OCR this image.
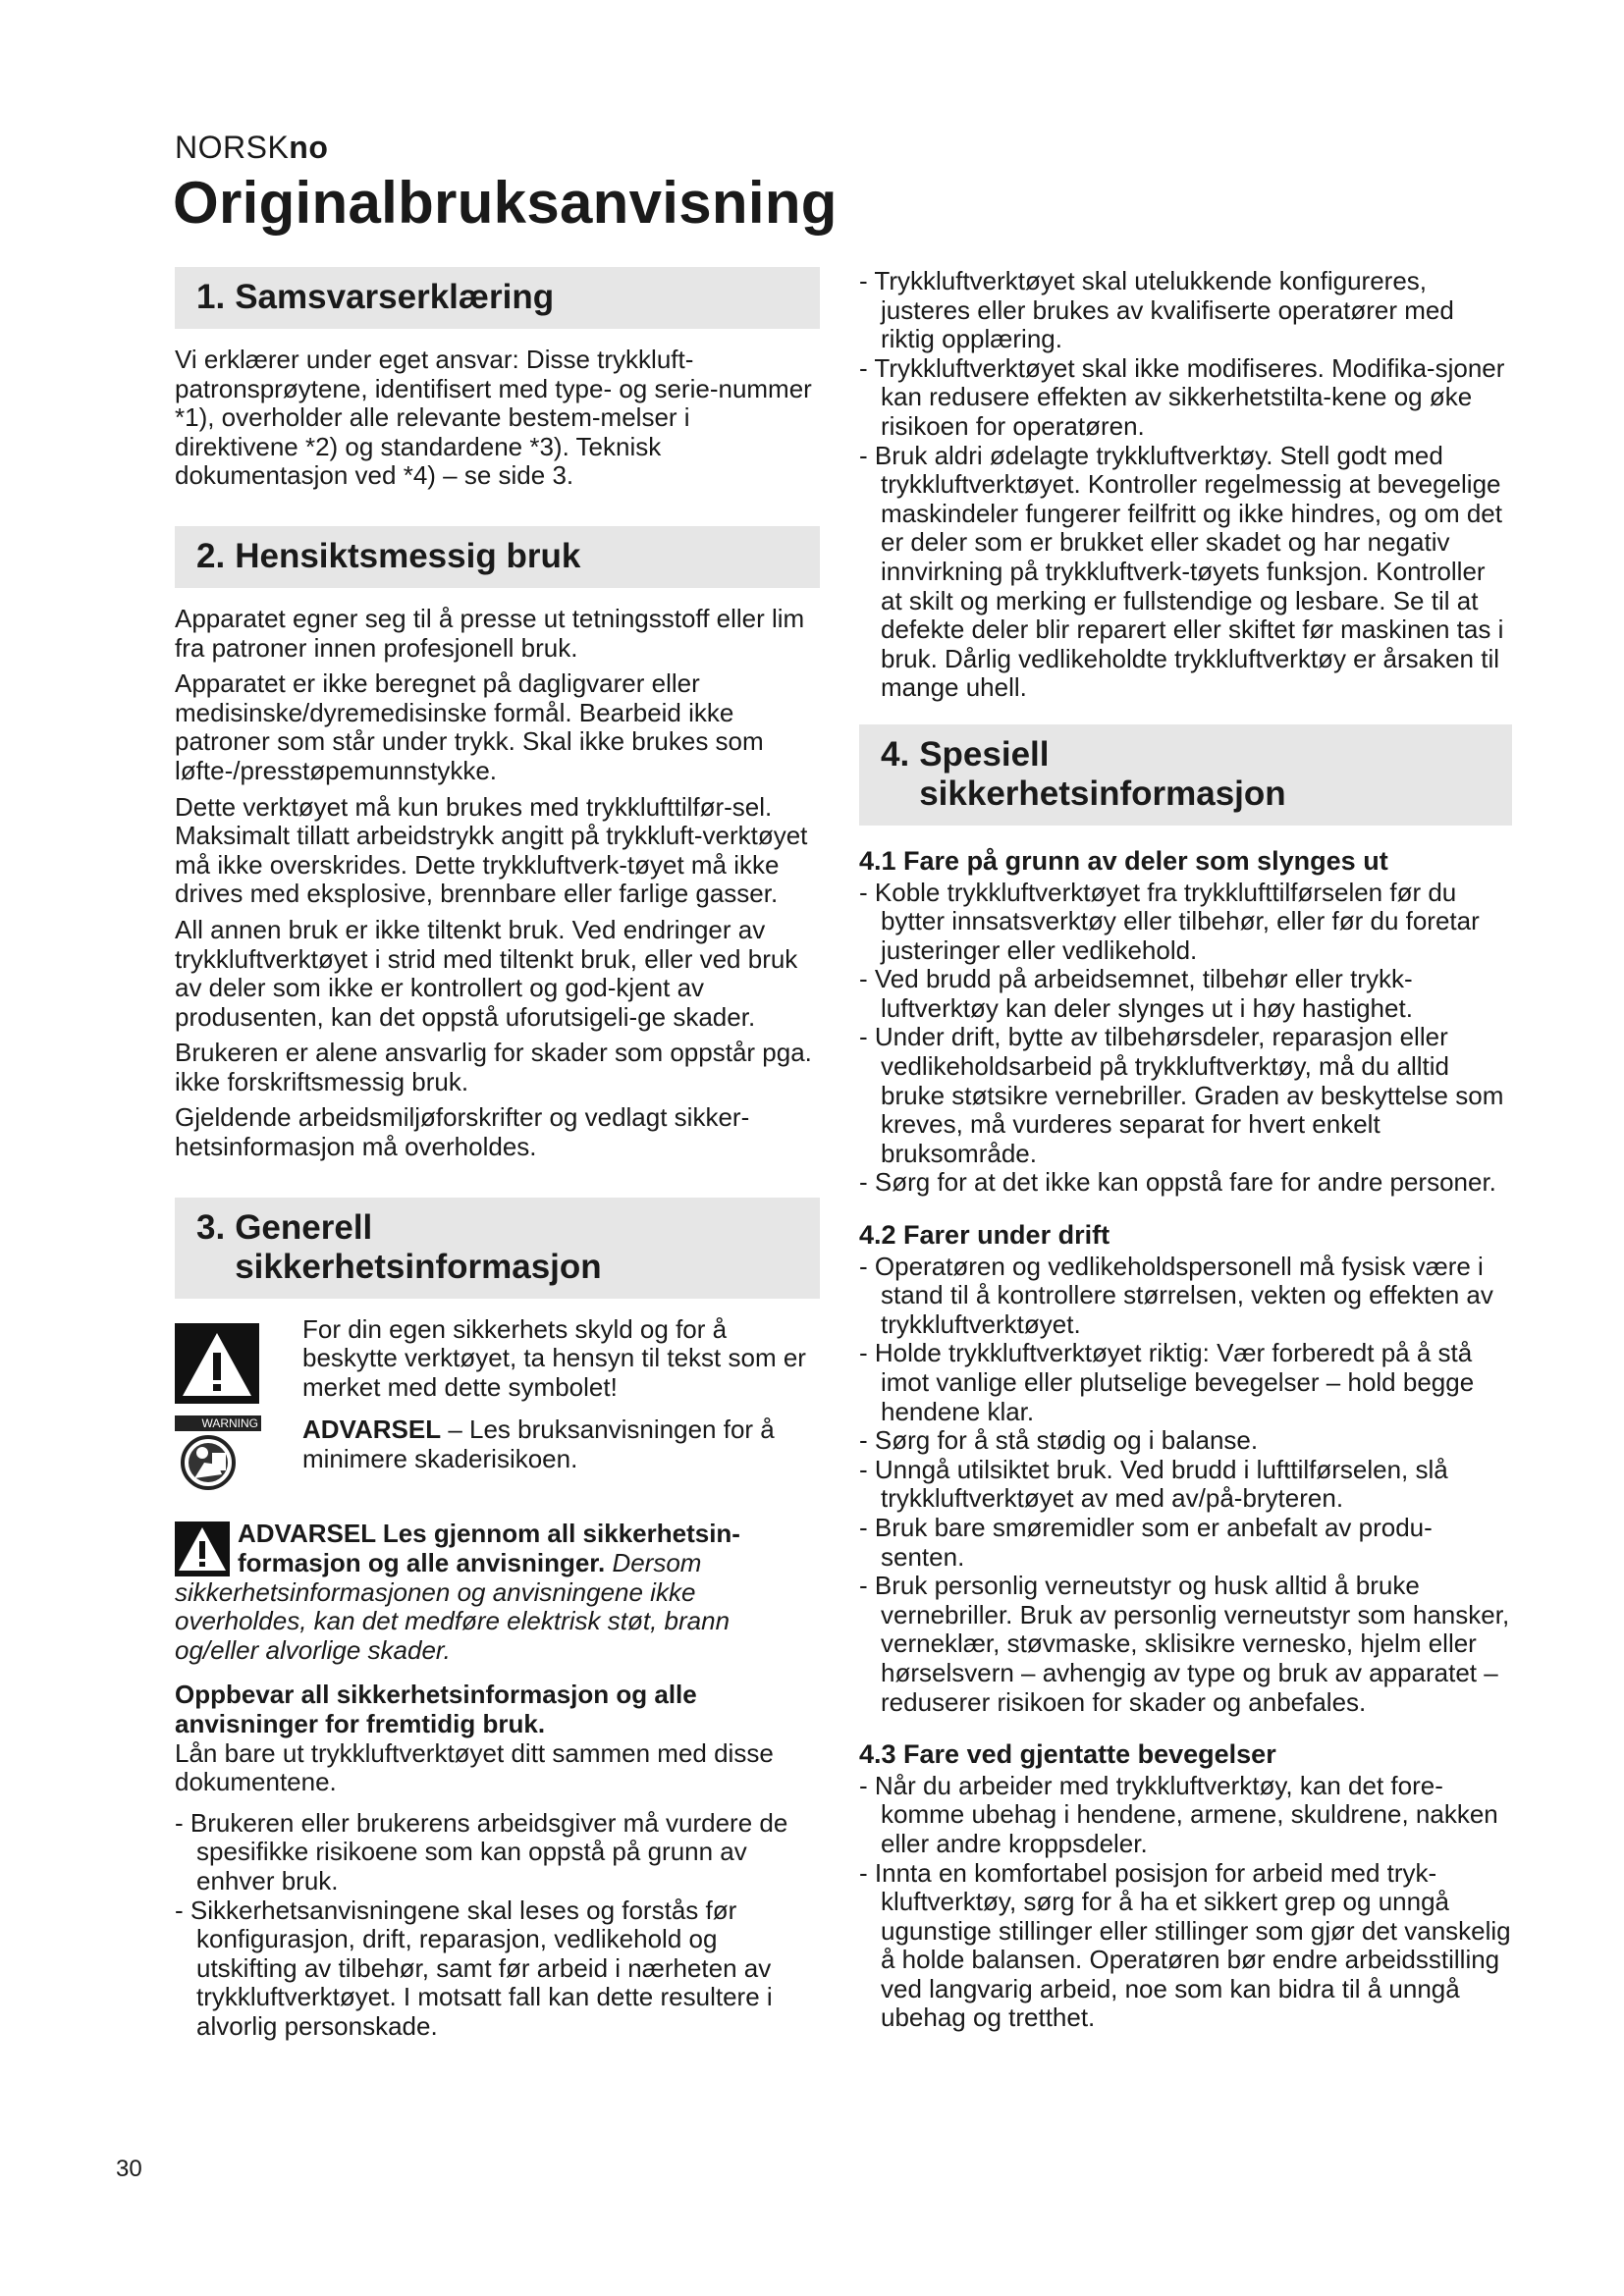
NORSKno
Originalbruksanvisning
1. Samsvarserklæring

Vi erklærer under eget ansvar: Disse trykkluft-patronsprøytene, identifisert med type- og serie-nummer *1), overholder alle relevante bestem-melser i direktivene *2) og standardene *3). Teknisk dokumentasjon ved *4) – se side 3.

2. Hensiktsmessig bruk

Apparatet egner seg til å presse ut tetningsstoff eller lim fra patroner innen profesjonell bruk.

Apparatet er ikke beregnet på dagligvarer eller medisinske/dyremedisinske formål. Bearbeid ikke patroner som står under trykk. Skal ikke brukes som løfte-/presstøpemunnstykke.

Dette verktøyet må kun brukes med trykklufttilfør-sel. Maksimalt tillatt arbeidstrykk angitt på trykkluft-verktøyet må ikke overskrides. Dette trykkluftverk-tøyet må ikke drives med eksplosive, brennbare eller farlige gasser.

All annen bruk er ikke tiltenkt bruk. Ved endringer av trykkluftverktøyet i strid med tiltenkt bruk, eller ved bruk av deler som ikke er kontrollert og god-kjent av produsenten, kan det oppstå uforutsigeli-ge skader.

Brukeren er alene ansvarlig for skader som oppstår pga. ikke forskriftsmessig bruk.

Gjeldende arbeidsmiljøforskrifter og vedlagt sikker-hetsinformasjon må overholdes.

3. Generell
sikkerhetsinformasjon

For din egen sikkerhets skyld og for å beskytte verktøyet, ta hensyn til tekst som er merket med dette symbolet!

WARNING ADVARSEL – Les bruksanvisningen for å minimere skaderisikoen.

ADVARSEL Les gjennom all sikkerhetsin-formasjon og alle anvisninger. Dersom sikkerhetsinformasjonen og anvisningene ikke overholdes, kan det medføre elektrisk støt, brann og/eller alvorlige skader.

Oppbevar all sikkerhetsinformasjon og alle anvisninger for fremtidig bruk.

Lån bare ut trykkluftverktøyet ditt sammen med disse dokumentene.

- Brukeren eller brukerens arbeidsgiver må vurdere de spesifikke risikoene som kan oppstå på grunn av enhver bruk.
- Sikkerhetsanvisningene skal leses og forstås før konfigurasjon, drift, reparasjon, vedlikehold og utskifting av tilbehør, samt før arbeid i nærheten av trykkluftverktøyet. I motsatt fall kan dette resultere i alvorlig personskade.
- Trykkluftverktøyet skal utelukkende konfigureres, justeres eller brukes av kvalifiserte operatører med riktig opplæring.
- Trykkluftverktøyet skal ikke modifiseres. Modifika-sjoner kan redusere effekten av sikkerhetstilta-kene og øke risikoen for operatøren.
- Bruk aldri ødelagte trykkluftverktøy. Stell godt med trykkluftverktøyet. Kontroller regelmessig at bevegelige maskindeler fungerer feilfritt og ikke hindres, og om det er deler som er brukket eller skadet og har negativ innvirkning på trykkluftverk-tøyets funksjon. Kontroller at skilt og merking er fullstendige og lesbare. Se til at defekte deler blir reparert eller skiftet før maskinen tas i bruk. Dårlig vedlikeholdte trykkluftverktøy er årsaken til mange uhell.
4. Spesiell
sikkerhetsinformasjon

4.1 Fare på grunn av deler som slynges ut

- Koble trykkluftverktøyet fra trykklufttilførselen før du bytter innsatsverktøy eller tilbehør, eller før du foretar justeringer eller vedlikehold.
- Ved brudd på arbeidsemnet, tilbehør eller trykk-luftverktøy kan deler slynges ut i høy hastighet.
- Under drift, bytte av tilbehørsdeler, reparasjon eller vedlikeholdsarbeid på trykkluftverktøy, må du alltid bruke støtsikre vernebriller. Graden av beskyttelse som kreves, må vurderes separat for hvert enkelt bruksområde.
- Sørg for at det ikke kan oppstå fare for andre personer.

4.2 Farer under drift

- Operatøren og vedlikeholdspersonell må fysisk være i stand til å kontrollere størrelsen, vekten og effekten av trykkluftverktøyet.
- Holde trykkluftverktøyet riktig: Vær forberedt på å stå imot vanlige eller plutselige bevegelser – hold begge hendene klar.
- Sørg for å stå stødig og i balanse.
- Unngå utilsiktet bruk. Ved brudd i lufttilførselen, slå trykkluftverktøyet av med av/på-bryteren.
- Bruk bare smøremidler som er anbefalt av produ-senten.
- Bruk personlig verneutstyr og husk alltid å bruke vernebriller. Bruk av personlig verneutstyr som hansker, verneklær, støvmaske, sklisikre vernesko, hjelm eller hørselsvern – avhengig av type og bruk av apparatet – reduserer risikoen for skader og anbefales.

4.3 Fare ved gjentatte bevegelser

- Når du arbeider med trykkluftverktøy, kan det fore-komme ubehag i hendene, armene, skuldrene, nakken eller andre kroppsdeler.
- Innta en komfortabel posisjon for arbeid med tryk-kluftverktøy, sørg for å ha et sikkert grep og unngå ugunstige stillinger eller stillinger som gjør det vanskelig å holde balansen. Operatøren bør endre arbeidsstilling ved langvarig arbeid, noe som kan bidra til å unngå ubehag og tretthet.
30
